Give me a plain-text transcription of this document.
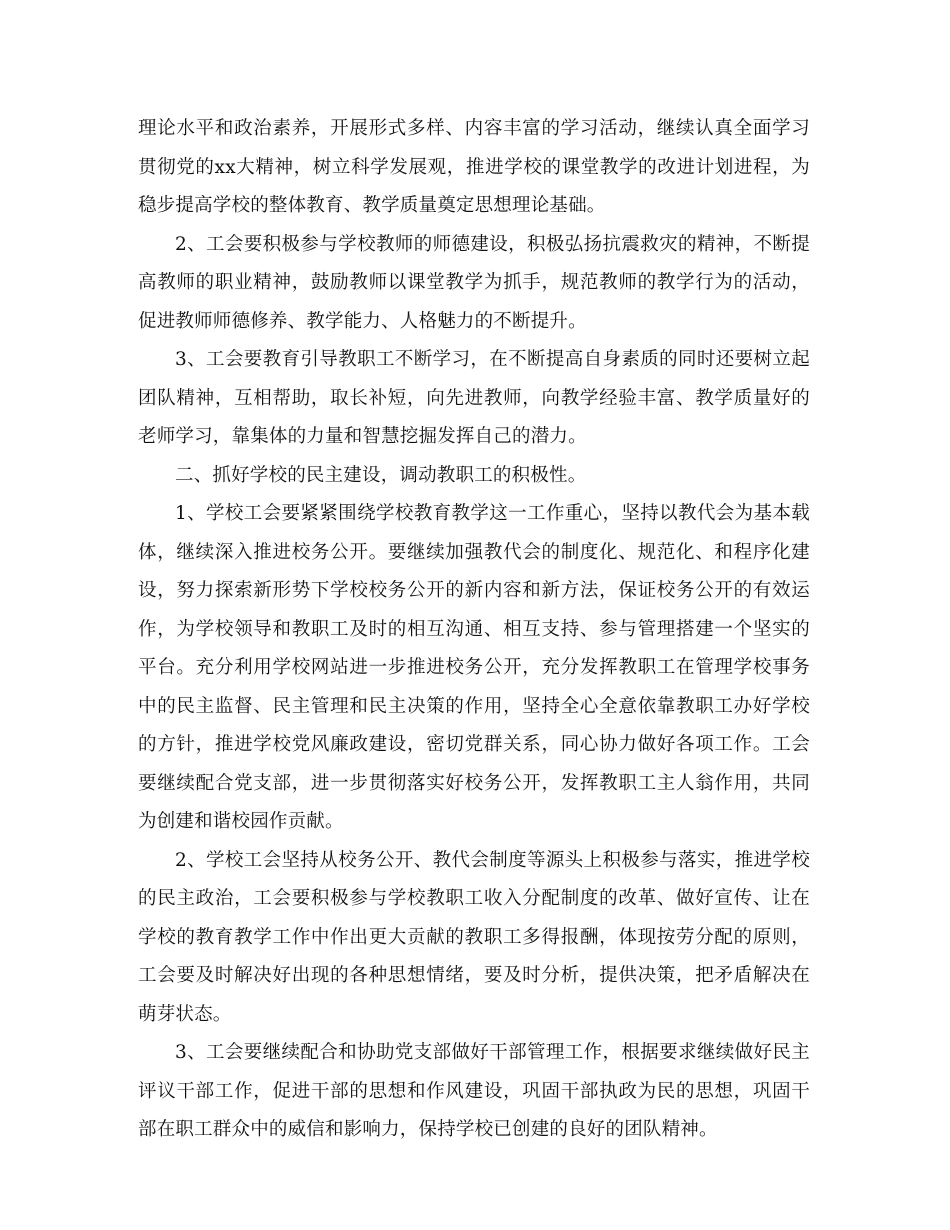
理论水平和政治素养，开展形式多样、内容丰富的学习活动，继续认真全面学习贯彻党的xx大精神，树立科学发展观，推进学校的课堂教学的改进计划进程，为稳步提高学校的整体教育、教学质量奠定思想理论基础。

2、工会要积极参与学校教师的师德建设，积极弘扬抗震救灾的精神，不断提高教师的职业精神，鼓励教师以课堂教学为抓手，规范教师的教学行为的活动，促进教师师德修养、教学能力、人格魅力的不断提升。

3、工会要教育引导教职工不断学习，在不断提高自身素质的同时还要树立起团队精神，互相帮助，取长补短，向先进教师，向教学经验丰富、教学质量好的老师学习，靠集体的力量和智慧挖掘发挥自己的潜力。

二、抓好学校的民主建设，调动教职工的积极性。

1、学校工会要紧紧围绕学校教育教学这一工作重心，坚持以教代会为基本载体，继续深入推进校务公开。要继续加强教代会的制度化、规范化、和程序化建设，努力探索新形势下学校校务公开的新内容和新方法，保证校务公开的有效运作，为学校领导和教职工及时的相互沟通、相互支持、参与管理搭建一个坚实的平台。充分利用学校网站进一步推进校务公开，充分发挥教职工在管理学校事务中的民主监督、民主管理和民主决策的作用，坚持全心全意依靠教职工办好学校的方针，推进学校党风廉政建设，密切党群关系，同心协力做好各项工作。工会要继续配合党支部，进一步贯彻落实好校务公开，发挥教职工主人翁作用，共同为创建和谐校园作贡献。

2、学校工会坚持从校务公开、教代会制度等源头上积极参与落实，推进学校的民主政治，工会要积极参与学校教职工收入分配制度的改革、做好宣传、让在学校的教育教学工作中作出更大贡献的教职工多得报酬，体现按劳分配的原则，工会要及时解决好出现的各种思想情绪，要及时分析，提供决策，把矛盾解决在萌芽状态。

3、工会要继续配合和协助党支部做好干部管理工作，根据要求继续做好民主评议干部工作，促进干部的思想和作风建设，巩固干部执政为民的思想，巩固干部在职工群众中的威信和影响力，保持学校已创建的良好的团队精神。
